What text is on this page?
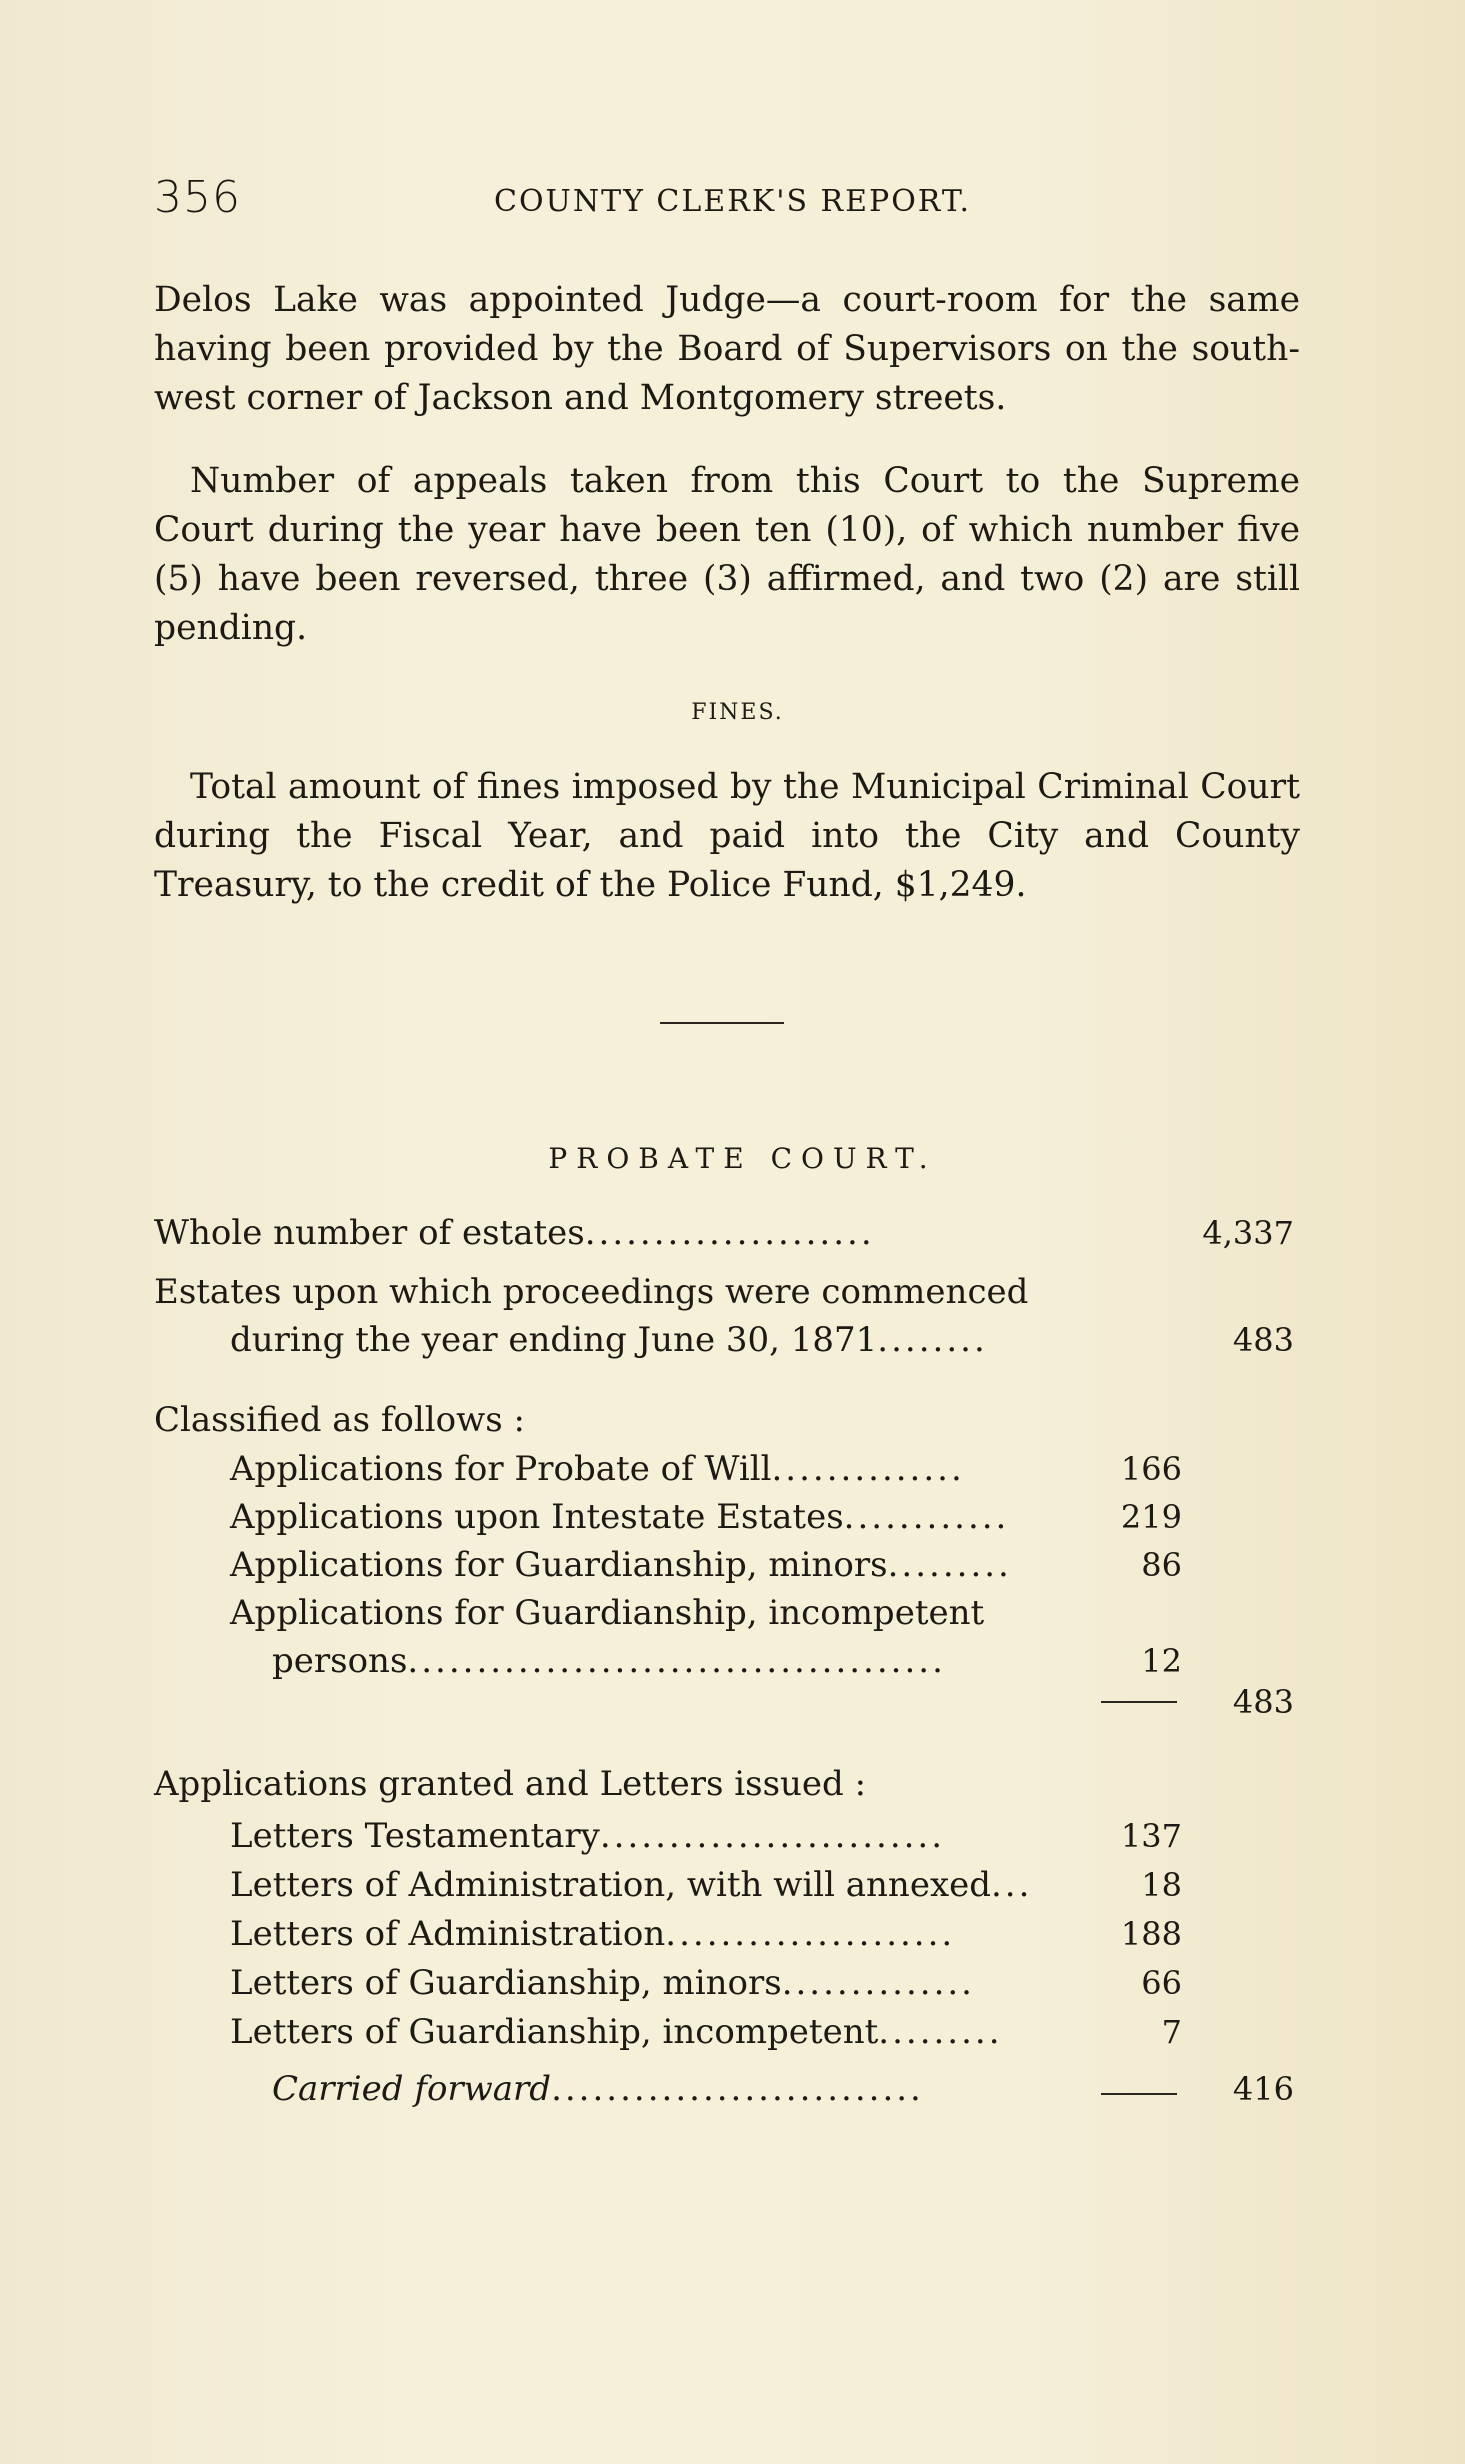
356	COUNTY CLERK'S REPORT.

Delos Lake was appointed Judge—a court-room for the same having been provided by the Board of Supervisors on the south-west corner of Jackson and Montgomery streets.

Number of appeals taken from this Court to the Supreme Court during the year have been ten (10), of which number five (5) have been reversed, three (3) affirmed, and two (2) are still pending.

FINES.

Total amount of fines imposed by the Municipal Criminal Court during the Fiscal Year, and paid into the City and County Treasury, to the credit of the Police Fund, $1,249.

PROBATE COURT.
Whole number of estates.....................	4,337
Estates upon which proceedings were commenced
during the year ending June 30, 1871........	483
Classified as follows :
Applications for Probate of Will..............	166
Applications upon Intestate Estates............	219
Applications for Guardianship, minors.........	86
Applications for Guardianship, incompetent
persons.......................................	12
483
Applications granted and Letters issued :
Letters Testamentary.........................	137
Letters of Administration, with will annexed...	18
Letters of Administration.....................	188
Letters of Guardianship, minors..............	66
Letters of Guardianship, incompetent.........	7
Carried forward...........................	416
